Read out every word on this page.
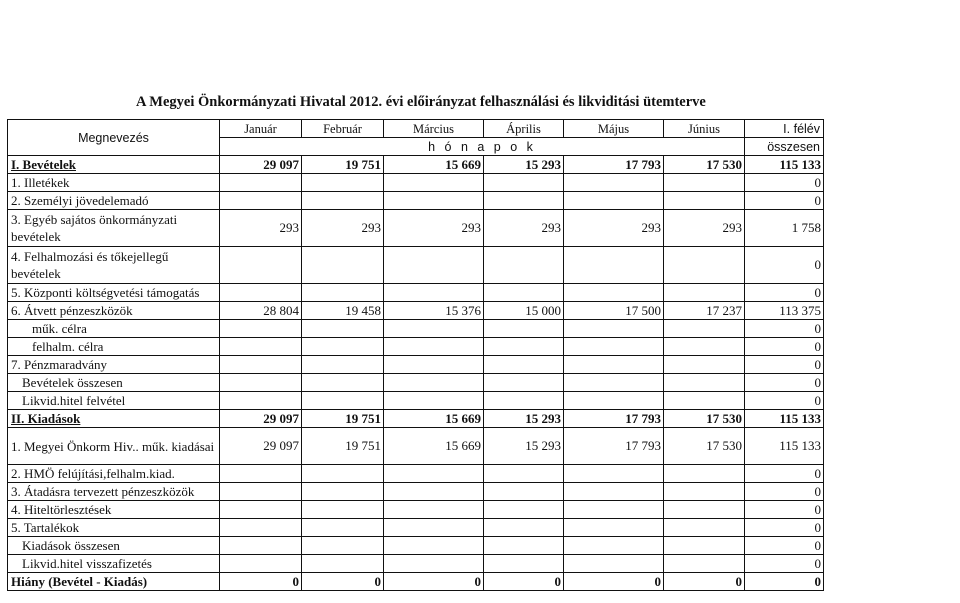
A Megyei Önkormányzati Hivatal 2012. évi előirányzat felhasználási és likviditási ütemterve
Megnevezés	Január	Február	Március	Április	Május	Június	I. félév
	h ó n a p o k						összesen
I. Bevételek	29 097	19 751	15 669	15 293	17 793	17 530	115 133
1. Illetékek							0
2. Személyi jövedelemadó							0
3. Egyéb sajátos önkormányzati bevételek	293	293	293	293	293	293	1 758
4. Felhalmozási és tőkejellegű bevételek							0
5. Központi költségvetési támogatás							0
6. Átvett pénzeszközök	28 804	19 458	15 376	15 000	17 500	17 237	113 375
műk. célra							0
felhalm. célra							0
7. Pénzmaradvány							0
Bevételek összesen							0
Likvid.hitel felvétel							0
II. Kiadások	29 097	19 751	15 669	15 293	17 793	17 530	115 133
1. Megyei Önkorm Hiv.. műk. kiadásai	29 097	19 751	15 669	15 293	17 793	17 530	115 133
2. HMÖ felújítási,felhalm.kiad.							0
3. Átadásra tervezett pénzeszközök							0
4. Hiteltörlesztések							0
5. Tartalékok							0
Kiadások összesen							0
Likvid.hitel visszafizetés							0
Hiány (Bevétel - Kiadás)	0	0	0	0	0	0	0
